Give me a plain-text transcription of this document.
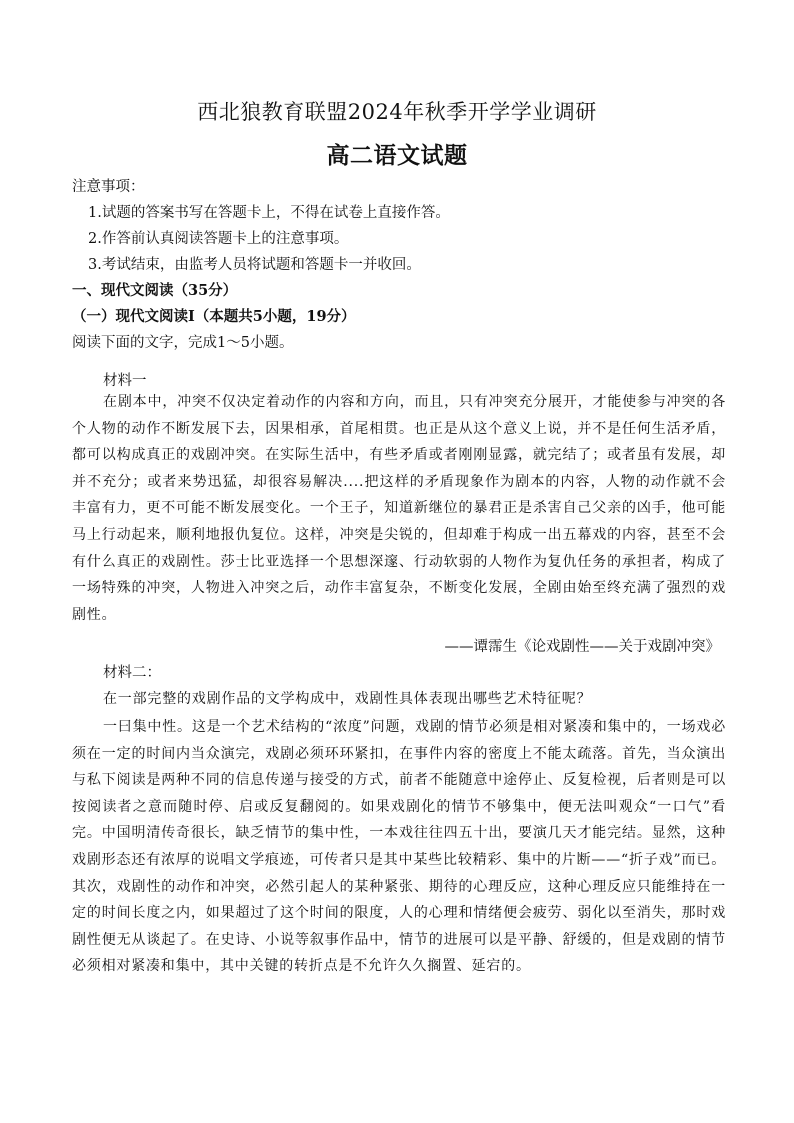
西北狼教育联盟2024年秋季开学学业调研
高二语文试题
注意事项：
1.试题的答案书写在答题卡上，不得在试卷上直接作答。
2.作答前认真阅读答题卡上的注意事项。
3.考试结束，由监考人员将试题和答题卡一并收回。
一、现代文阅读（35分）
（一）现代文阅读Ⅰ（本题共5小题，19分）
阅读下面的文字，完成1～5小题。
材料一

在剧本中，冲突不仅决定着动作的内容和方向，而且，只有冲突充分展开，才能使参与冲突的各个人物的动作不断发展下去，因果相承，首尾相贯。也正是从这个意义上说，并不是任何生活矛盾，都可以构成真正的戏剧冲突。在实际生活中，有些矛盾或者刚刚显露，就完结了；或者虽有发展，却并不充分；或者来势迅猛，却很容易解决....把这样的矛盾现象作为剧本的内容，人物的动作就不会丰富有力，更不可能不断发展变化。一个王子，知道新继位的暴君正是杀害自己父亲的凶手，他可能马上行动起来，顺利地报仇复位。这样，冲突是尖锐的，但却难于构成一出五幕戏的内容，甚至不会有什么真正的戏剧性。莎士比亚选择一个思想深邃、行动软弱的人物作为复仇任务的承担者，构成了一场特殊的冲突，人物进入冲突之后，动作丰富复杂，不断变化发展，全剧由始至终充满了强烈的戏剧性。

——谭霈生《论戏剧性——关于戏剧冲突》
材料二：

在一部完整的戏剧作品的文学构成中，戏剧性具体表现出哪些艺术特征呢？

一曰集中性。这是一个艺术结构的“浓度”问题，戏剧的情节必须是相对紧凑和集中的，一场戏必须在一定的时间内当众演完，戏剧必须环环紧扣，在事件内容的密度上不能太疏落。首先，当众演出与私下阅读是两种不同的信息传递与接受的方式，前者不能随意中途停止、反复检视，后者则是可以按阅读者之意而随时停、启或反复翻阅的。如果戏剧化的情节不够集中，便无法叫观众“一口气”看完。中国明清传奇很长，缺乏情节的集中性，一本戏往往四五十出，要演几天才能完结。显然，这种戏剧形态还有浓厚的说唱文学痕迹，可传者只是其中某些比较精彩、集中的片断——“折子戏”而已。其次，戏剧性的动作和冲突，必然引起人的某种紧张、期待的心理反应，这种心理反应只能维持在一定的时间长度之内，如果超过了这个时间的限度，人的心理和情绪便会疲劳、弱化以至消失，那时戏剧性便无从谈起了。在史诗、小说等叙事作品中，情节的进展可以是平静、舒缓的，但是戏剧的情节必须相对紧凑和集中，其中关键的转折点是不允许久久搁置、延宕的。
